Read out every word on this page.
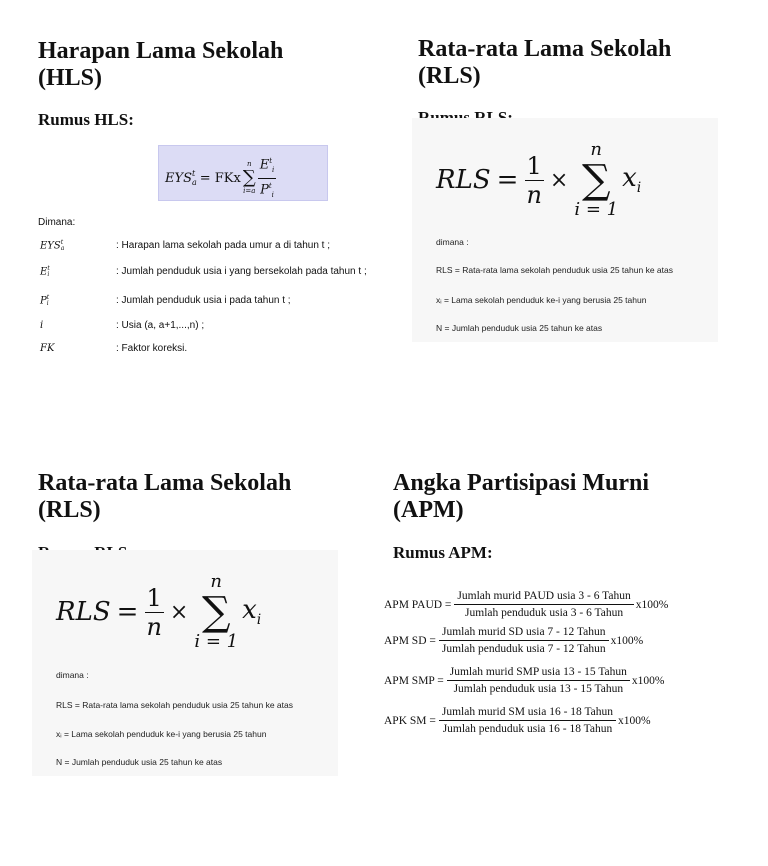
Harapan Lama Sekolah
(HLS)
Rumus HLS:
EYS t
a = FKx
n
∑
$i=a \frac{E^t_i}{P^t_i}$
Dimana:
EYS t
a	: Harapan lama sekolah pada umur a di tahun t ;
E t
i	: Jumlah penduduk usia i yang bersekolah pada tahun t ;
P t
i	: Jumlah penduduk usia i pada tahun t ;
i	: Usia (a, a+1,...,n) ;
FK	: Faktor koreksi.
Rata-rata Lama Sekolah
(RLS)
RLS = $\frac{1}{n}$ ×
n
∑
i = 1
$x_i$
dimana :
RLS = Rata-rata lama sekolah penduduk usia 25 tahun ke atas
xᵢ = Lama sekolah penduduk ke-i yang berusia 25 tahun
N = Jumlah penduduk usia 25 tahun ke atas
Rata-rata Lama Sekolah
(RLS)
RLS = $\frac{1}{n}$ ×
n
∑
i = 1
$x_i$
dimana :
RLS = Rata-rata lama sekolah penduduk usia 25 tahun ke atas
xᵢ = Lama sekolah penduduk ke-i yang berusia 25 tahun
N = Jumlah penduduk usia 25 tahun ke atas
Angka Partisipasi Murni
(APM)
Rumus APM:
APM PAUD = $\frac{\text{Jumlah murid PAUD usia 3 - 6 Tahun}}{\text{Jumlah penduduk usia 3 - 6 Tahun}} x100\%$
APM SD = $\frac{\text{Jumlah murid SD usia 7 - 12 Tahun}}{\text{Jumlah penduduk usia 7 - 12 Tahun}} x100\%$
APM SMP = $\frac{\text{Jumlah murid SMP usia 13 - 15 Tahun}}{\text{Jumlah penduduk usia 13 - 15 Tahun}} x100\%$
APK SM = $\frac{\text{Jumlah murid SM usia 16 - 18 Tahun}}{\text{Jumlah penduduk usia 16 - 18 Tahun}} x100\%$
